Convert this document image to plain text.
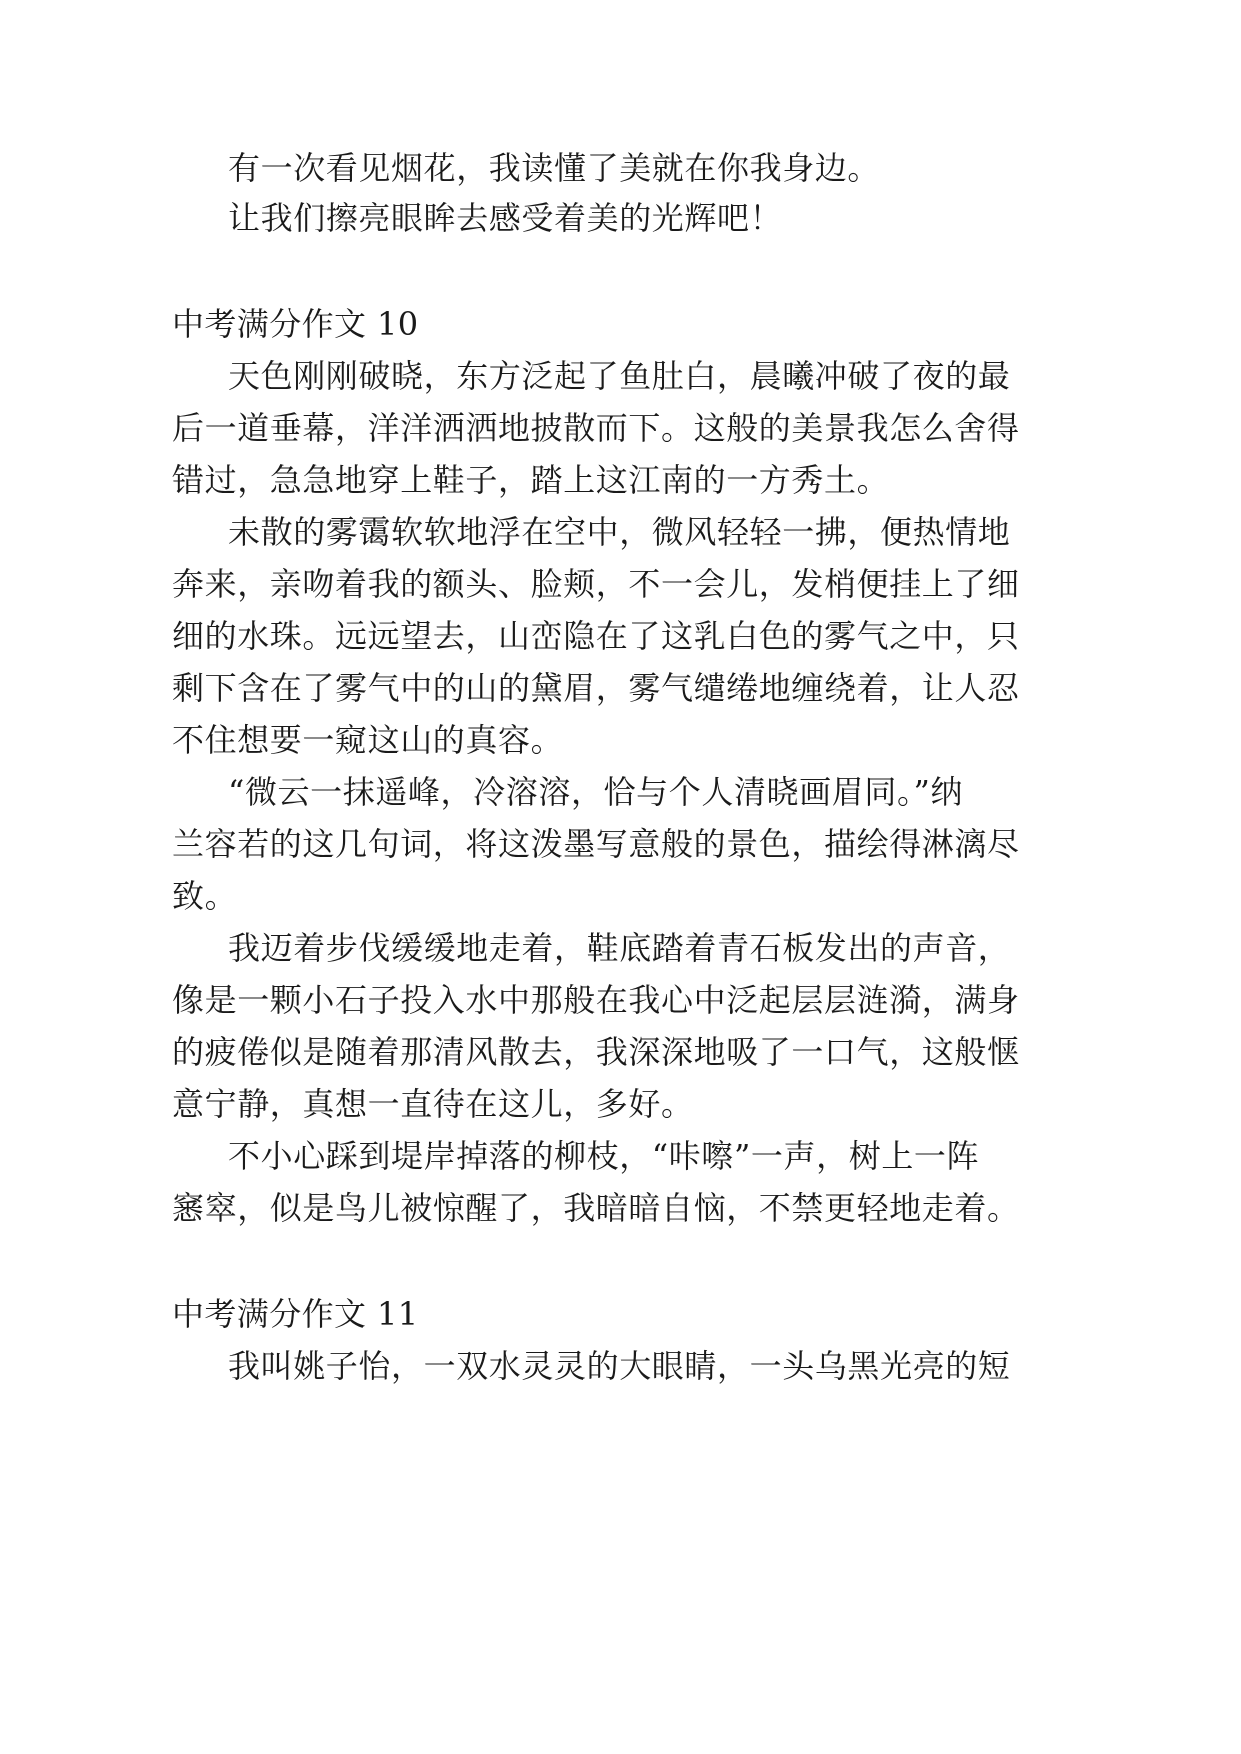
有一次看见烟花，我读懂了美就在你我身边。

让我们擦亮眼眸去感受着美的光辉吧！

中考满分作文 10

天色刚刚破晓，东方泛起了鱼肚白，晨曦冲破了夜的最

后一道垂幕，洋洋洒洒地披散而下。这般的美景我怎么舍得

错过，急急地穿上鞋子，踏上这江南的一方秀土。

未散的雾霭软软地浮在空中，微风轻轻一拂，便热情地

奔来，亲吻着我的额头、脸颊，不一会儿，发梢便挂上了细

细的水珠。远远望去，山峦隐在了这乳白色的雾气之中，只

剩下含在了雾气中的山的黛眉，雾气缱绻地缠绕着，让人忍

不住想要一窥这山的真容。

“微云一抹遥峰，冷溶溶，恰与个人清晓画眉同。”纳

兰容若的这几句词，将这泼墨写意般的景色，描绘得淋漓尽

致。

我迈着步伐缓缓地走着，鞋底踏着青石板发出的声音，

像是一颗小石子投入水中那般在我心中泛起层层涟漪，满身

的疲倦似是随着那清风散去，我深深地吸了一口气，这般惬

意宁静，真想一直待在这儿，多好。

不小心踩到堤岸掉落的柳枝，“咔嚓”一声，树上一阵

窸窣，似是鸟儿被惊醒了，我暗暗自恼，不禁更轻地走着。

中考满分作文 11

我叫姚子怡，一双水灵灵的大眼睛，一头乌黑光亮的短
